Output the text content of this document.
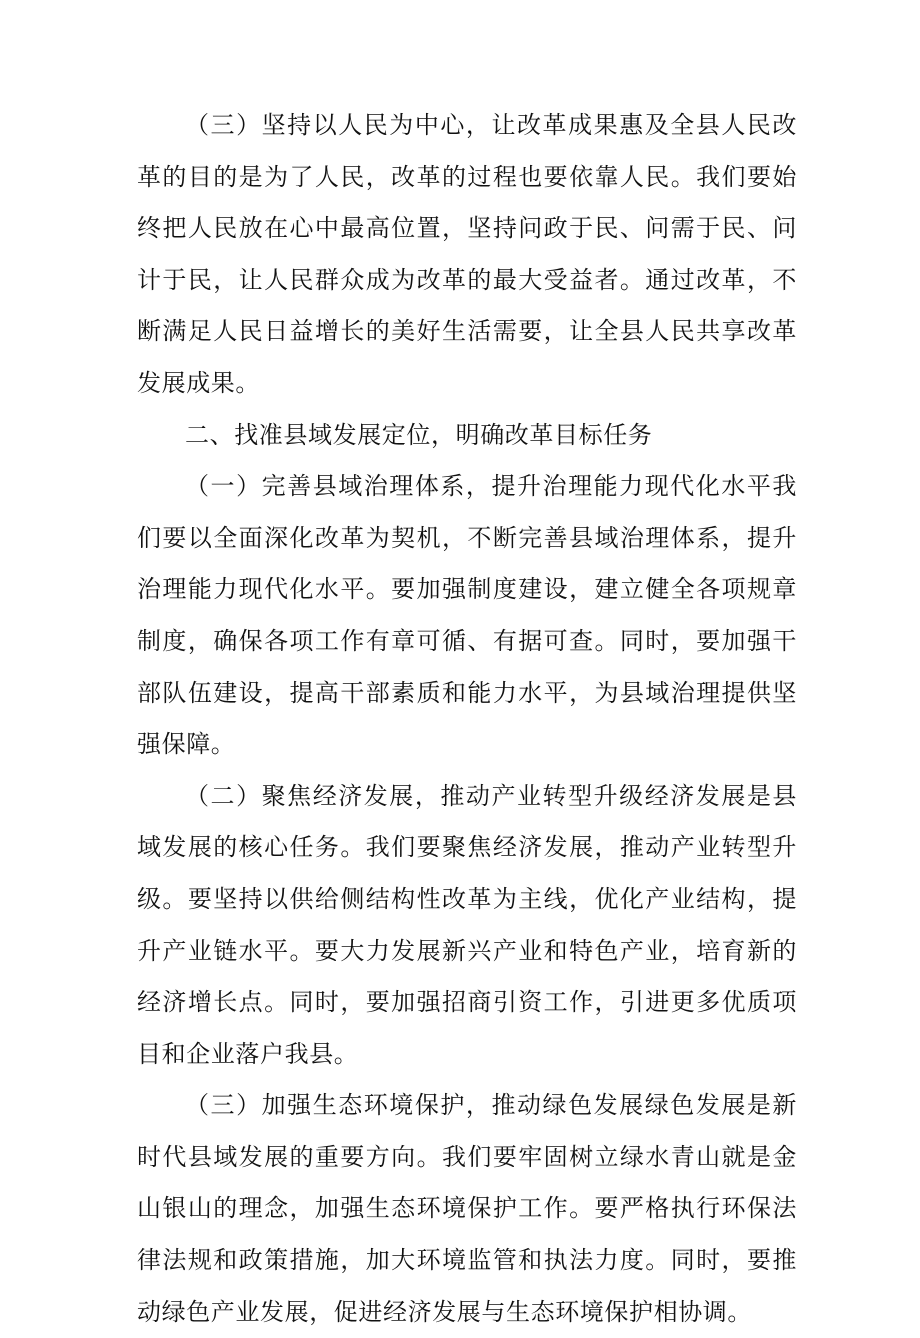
（三）坚持以人民为中心，让改革成果惠及全县人民改革的目的是为了人民，改革的过程也要依靠人民。我们要始终把人民放在心中最高位置，坚持问政于民、问需于民、问计于民，让人民群众成为改革的最大受益者。通过改革，不断满足人民日益增长的美好生活需要，让全县人民共享改革发展成果。

二、找准县域发展定位，明确改革目标任务

（一）完善县域治理体系，提升治理能力现代化水平我们要以全面深化改革为契机，不断完善县域治理体系，提升治理能力现代化水平。要加强制度建设，建立健全各项规章制度，确保各项工作有章可循、有据可查。同时，要加强干部队伍建设，提高干部素质和能力水平，为县域治理提供坚强保障。

（二）聚焦经济发展，推动产业转型升级经济发展是县域发展的核心任务。我们要聚焦经济发展，推动产业转型升级。要坚持以供给侧结构性改革为主线，优化产业结构，提升产业链水平。要大力发展新兴产业和特色产业，培育新的经济增长点。同时，要加强招商引资工作，引进更多优质项目和企业落户我县。

（三）加强生态环境保护，推动绿色发展绿色发展是新时代县域发展的重要方向。我们要牢固树立绿水青山就是金山银山的理念，加强生态环境保护工作。要严格执行环保法律法规和政策措施，加大环境监管和执法力度。同时，要推动绿色产业发展，促进经济发展与生态环境保护相协调。
